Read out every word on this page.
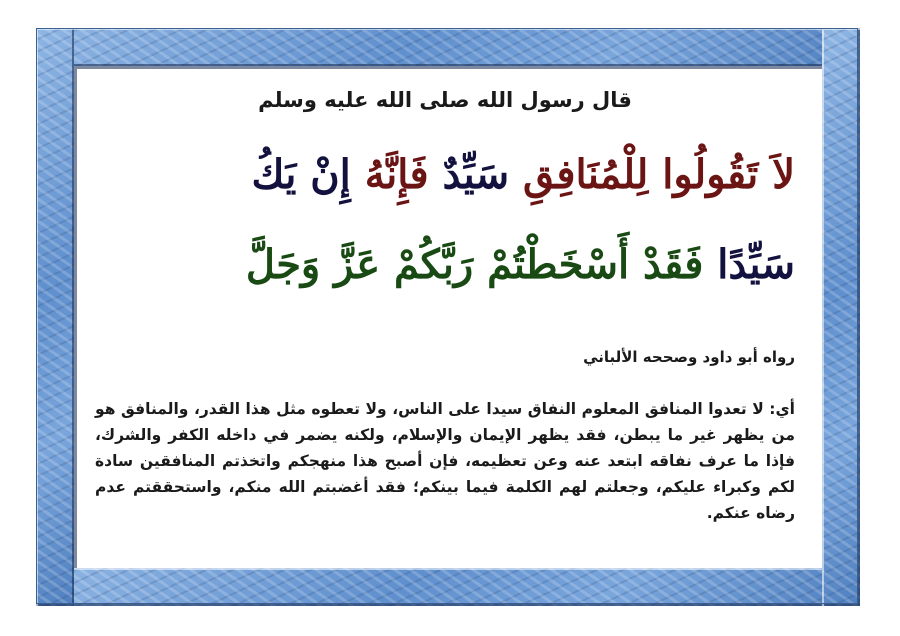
قال رسول الله صلى الله عليه وسلم
لاَ تَقُولُوا لِلْمُنَافِقِ سَيِّدٌ فَإِنَّهُ إِنْ يَكُ
سَيِّدًا فَقَدْ أَسْخَطْتُمْ رَبَّكُمْ عَزَّ وَجَلَّ
رواه أبو داود وصححه الألباني
أي: لا تعدوا المنافق المعلوم النفاق سيدا على الناس، ولا تعطوه مثل هذا القدر، والمنافق هو من يظهر غير ما يبطن، فقد يظهر الإيمان والإسلام، ولكنه يضمر في داخله الكفر والشرك، فإذا ما عرف نفاقه ابتعد عنه وعن تعظيمه، فإن أصبح هذا منهجكم واتخذتم المنافقين سادة لكم وكبراء عليكم، وجعلتم لهم الكلمة فيما بينكم؛ فقد أغضبتم الله منكم، واستحققتم عدم رضاه عنكم.
